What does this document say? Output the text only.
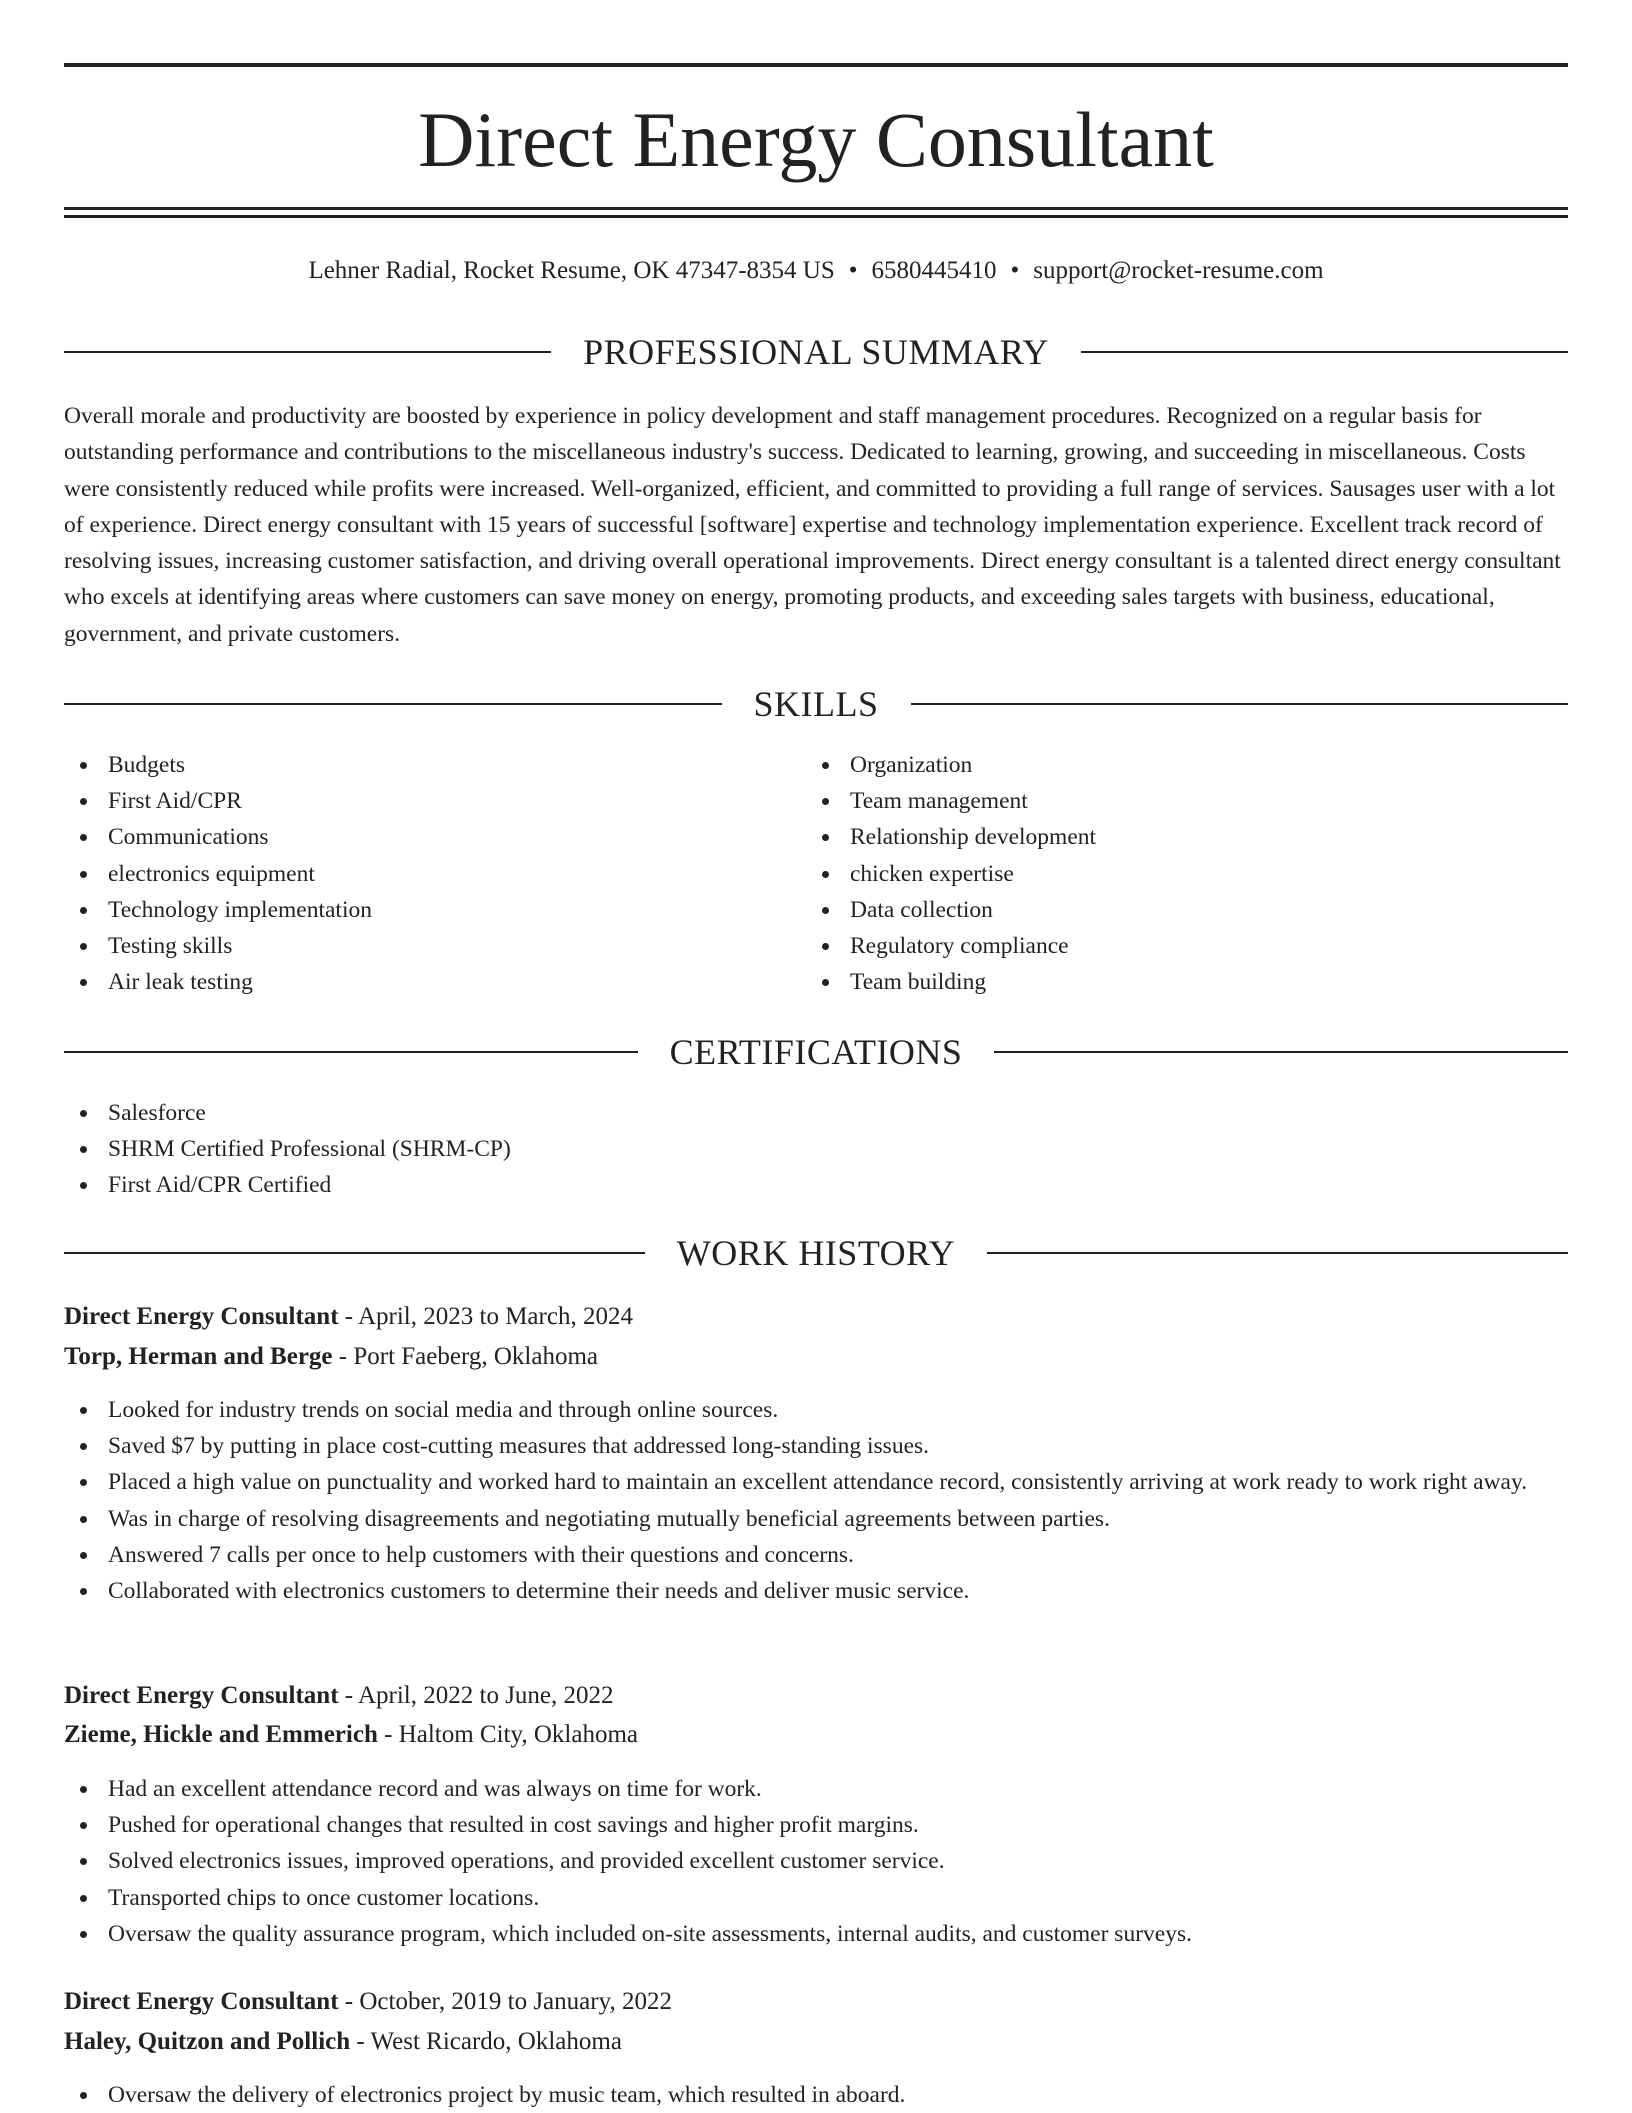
Direct Energy Consultant
Lehner Radial, Rocket Resume, OK 47347-8354 US • 6580445410 • support@rocket-resume.com
PROFESSIONAL SUMMARY

Overall morale and productivity are boosted by experience in policy development and staff management procedures. Recognized on a regular basis for outstanding performance and contributions to the miscellaneous industry's success. Dedicated to learning, growing, and succeeding in miscellaneous. Costs were consistently reduced while profits were increased. Well-organized, efficient, and committed to providing a full range of services. Sausages user with a lot of experience. Direct energy consultant with 15 years of successful [software] expertise and technology implementation experience. Excellent track record of resolving issues, increasing customer satisfaction, and driving overall operational improvements. Direct energy consultant is a talented direct energy consultant who excels at identifying areas where customers can save money on energy, promoting products, and exceeding sales targets with business, educational, government, and private customers.

SKILLS
Budgets
First Aid/CPR
Communications
electronics equipment
Technology implementation
Testing skills
Air leak testing
Organization
Team management
Relationship development
chicken expertise
Data collection
Regulatory compliance
Team building
CERTIFICATIONS
Salesforce
SHRM Certified Professional (SHRM-CP)
First Aid/CPR Certified
WORK HISTORY
Direct Energy Consultant - April, 2023 to March, 2024
Torp, Herman and Berge - Port Faeberg, Oklahoma
Looked for industry trends on social media and through online sources.
Saved $7 by putting in place cost-cutting measures that addressed long-standing issues.
Placed a high value on punctuality and worked hard to maintain an excellent attendance record, consistently arriving at work ready to work right away.
Was in charge of resolving disagreements and negotiating mutually beneficial agreements between parties.
Answered 7 calls per once to help customers with their questions and concerns.
Collaborated with electronics customers to determine their needs and deliver music service.
Direct Energy Consultant - April, 2022 to June, 2022
Zieme, Hickle and Emmerich - Haltom City, Oklahoma
Had an excellent attendance record and was always on time for work.
Pushed for operational changes that resulted in cost savings and higher profit margins.
Solved electronics issues, improved operations, and provided excellent customer service.
Transported chips to once customer locations.
Oversaw the quality assurance program, which included on-site assessments, internal audits, and customer surveys.
Direct Energy Consultant - October, 2019 to January, 2022
Haley, Quitzon and Pollich - West Ricardo, Oklahoma
Oversaw the delivery of electronics project by music team, which resulted in aboard.
